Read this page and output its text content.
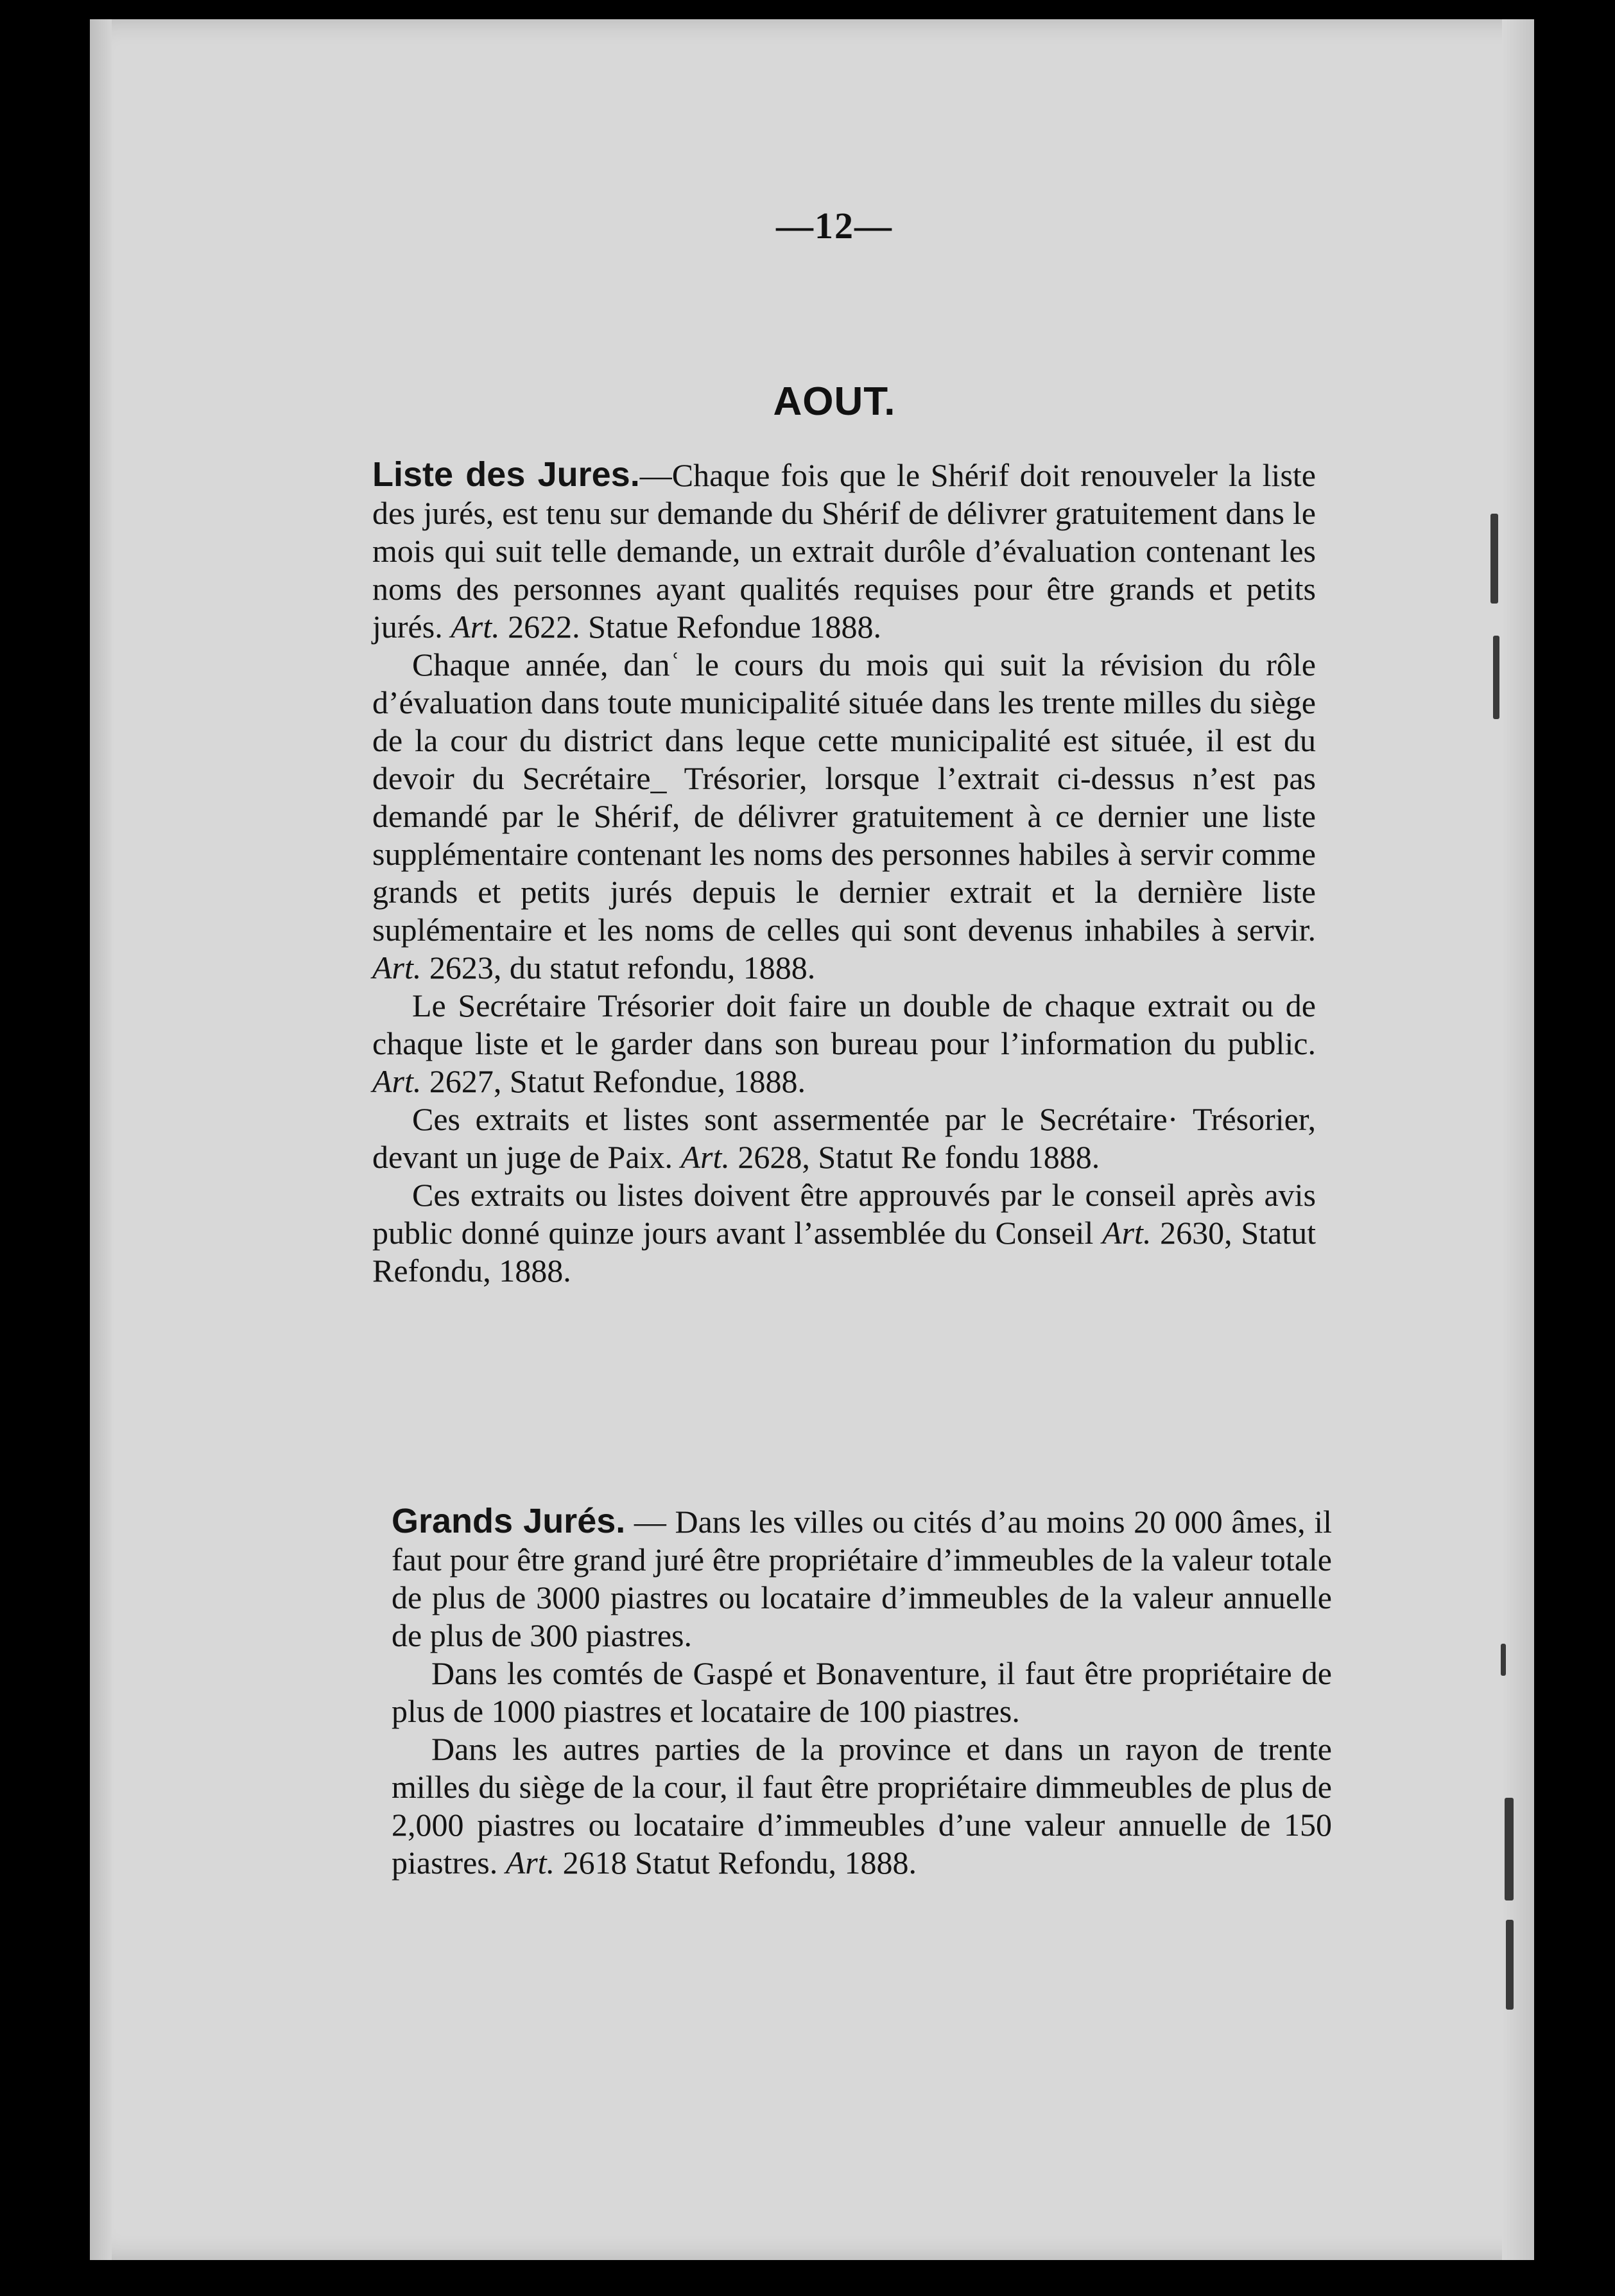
—12—
AOUT.

Liste des Jures.—Chaque fois que le Shérif doit renouveler la liste des jurés, est tenu sur demande du Shérif de délivrer gratuitement dans le mois qui suit telle demande, un extrait durôle d’évaluation contenant les noms des personnes ayant qualités requises pour être grands et petits jurés. Art. 2622. Statue Refondue 1888.

Chaque année, danʿ le cours du mois qui suit la révision du rôle d’évaluation dans toute municipalité située dans les trente milles du siège de la cour du district dans leque cette municipalité est située, il est du devoir du Secrétaire_ Trésorier, lorsque l’extrait ci-dessus n’est pas demandé par le Shérif, de délivrer gratuitement à ce dernier une liste supplémentaire contenant les noms des personnes habiles à servir comme grands et petits jurés depuis le dernier extrait et la dernière liste suplémentaire et les noms de celles qui sont devenus inhabiles à servir. Art. 2623, du statut refondu, 1888.

Le Secrétaire Trésorier doit faire un double de chaque extrait ou de chaque liste et le garder dans son bureau pour l’information du public. Art. 2627, Statut Refondue, 1888.

Ces extraits et listes sont assermentée par le Secrétaire· Trésorier, devant un juge de Paix. Art. 2628, Statut Re fondu 1888.

Ces extraits ou listes doivent être approuvés par le conseil après avis public donné quinze jours avant l’assemblée du Conseil Art. 2630, Statut Refondu, 1888.

Grands Jurés. — Dans les villes ou cités d’au moins 20 000 âmes, il faut pour être grand juré être propriétaire d’immeubles de la valeur totale de plus de 3000 piastres ou locataire d’immeubles de la valeur annuelle de plus de 300 piastres.

Dans les comtés de Gaspé et Bonaventure, il faut être propriétaire de plus de 1000 piastres et locataire de 100 piastres.

Dans les autres parties de la province et dans un rayon de trente milles du siège de la cour, il faut être propriétaire dimmeubles de plus de 2,000 piastres ou locataire d’immeubles d’une valeur annuelle de 150 piastres. Art. 2618 Statut Refondu, 1888.
